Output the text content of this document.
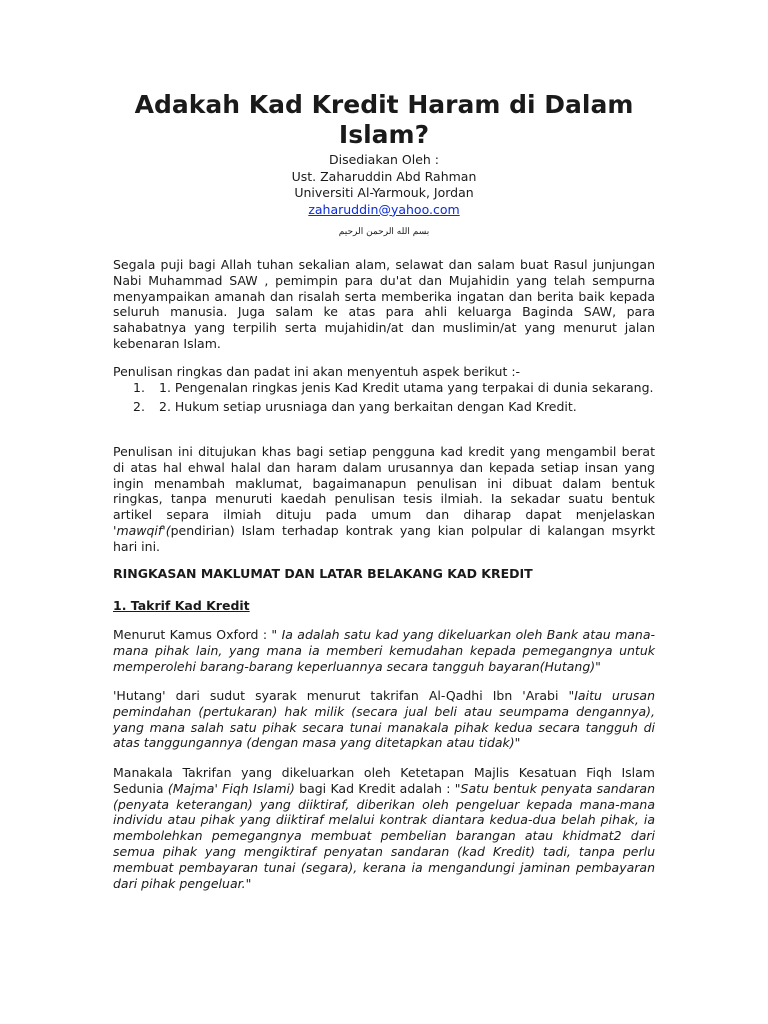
Adakah Kad Kredit Haram di Dalam Islam?
Disediakan Oleh :
Ust. Zaharuddin Abd Rahman
Universiti Al-Yarmouk, Jordan
zaharuddin@yahoo.com
بسم الله الرحمن الرحيم

Segala puji bagi Allah tuhan sekalian alam, selawat dan salam buat Rasul junjungan Nabi Muhammad SAW , pemimpin para du'at dan Mujahidin yang telah sempurna menyampaikan amanah dan risalah serta memberika ingatan dan berita baik kepada seluruh manusia. Juga salam ke atas para ahli keluarga Baginda SAW, para sahabatnya yang terpilih serta mujahidin/at dan muslimin/at yang menurut jalan kebenaran Islam.

Penulisan ringkas dan padat ini akan menyentuh aspek berikut :-

1. 1. Pengenalan ringkas jenis Kad Kredit utama yang terpakai di dunia sekarang.
2. 2. Hukum setiap urusniaga dan yang berkaitan dengan Kad Kredit.

Penulisan ini ditujukan khas bagi setiap pengguna kad kredit yang mengambil berat di atas hal ehwal halal dan haram dalam urusannya dan kepada setiap insan yang ingin menambah maklumat, bagaimanapun penulisan ini dibuat dalam bentuk ringkas, tanpa menuruti kaedah penulisan tesis ilmiah. Ia sekadar suatu bentuk artikel separa ilmiah dituju pada umum dan diharap dapat menjelaskan 'mawqif'(pendirian) Islam terhadap kontrak yang kian polpular di kalangan msyrkt hari ini.

RINGKASAN MAKLUMAT DAN LATAR BELAKANG KAD KREDIT
1. Takrif Kad Kredit

Menurut Kamus Oxford : " Ia adalah satu kad yang dikeluarkan oleh Bank atau mana-mana pihak lain, yang mana ia memberi kemudahan kepada pemegangnya untuk memperolehi barang-barang keperluannya secara tangguh bayaran(Hutang)"

'Hutang' dari sudut syarak menurut takrifan Al-Qadhi Ibn 'Arabi "Iaitu urusan pemindahan (pertukaran) hak milik (secara jual beli atau seumpama dengannya), yang mana salah satu pihak secara tunai manakala pihak kedua secara tangguh di atas tanggungannya (dengan masa yang ditetapkan atau tidak)"

Manakala Takrifan yang dikeluarkan oleh Ketetapan Majlis Kesatuan Fiqh Islam Sedunia (Majma' Fiqh Islami) bagi Kad Kredit adalah : "Satu bentuk penyata sandaran (penyata keterangan) yang diiktiraf, diberikan oleh pengeluar kepada mana-mana individu atau pihak yang diiktiraf melalui kontrak diantara kedua-dua belah pihak, ia membolehkan pemegangnya membuat pembelian barangan atau khidmat2 dari semua pihak yang mengiktiraf penyatan sandaran (kad Kredit) tadi, tanpa perlu membuat pembayaran tunai (segara), kerana ia mengandungi jaminan pembayaran dari pihak pengeluar."
